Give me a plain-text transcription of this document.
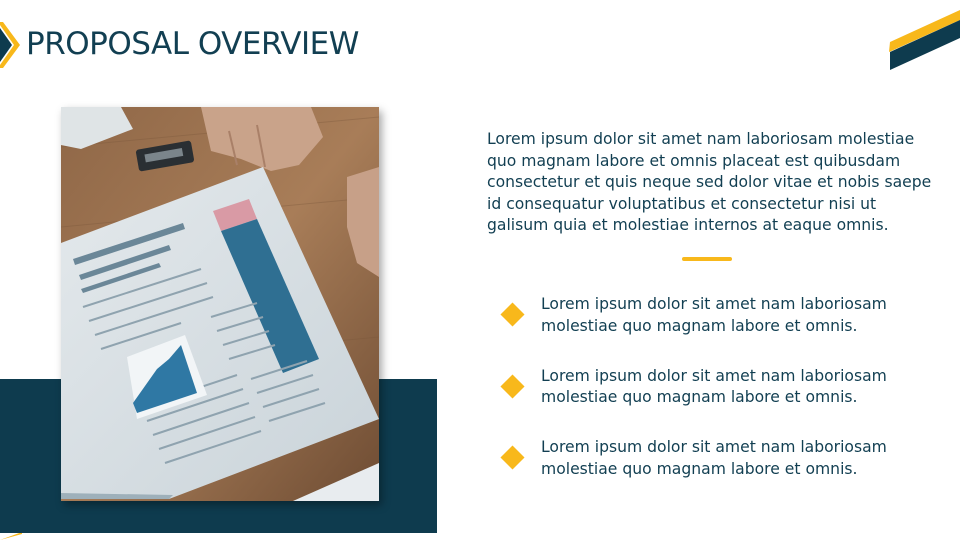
PROPOSAL OVERVIEW

Lorem ipsum dolor sit amet nam laboriosam molestiae quo magnam labore et omnis placeat est quibusdam consectetur et quis neque sed dolor vitae et nobis saepe id consequatur voluptatibus et consectetur nisi ut galisum quia et molestiae internos at eaque omnis.

Lorem ipsum dolor sit amet nam laboriosam molestiae quo magnam labore et omnis.
Lorem ipsum dolor sit amet nam laboriosam molestiae quo magnam labore et omnis.
Lorem ipsum dolor sit amet nam laboriosam molestiae quo magnam labore et omnis.
